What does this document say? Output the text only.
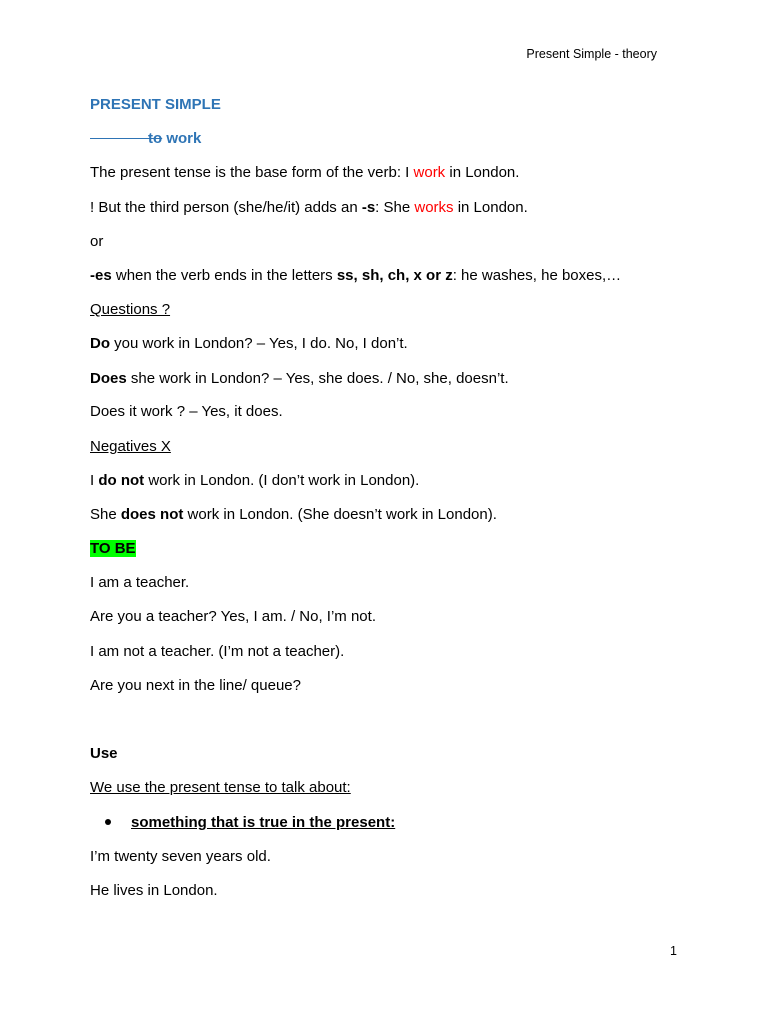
Present Simple - theory
PRESENT SIMPLE
to work
The present tense is the base form of the verb: I work in London.
! But the third person (she/he/it) adds an -s: She works in London.
or
-es when the verb ends in the letters ss, sh, ch, x or z: he washes, he boxes,…
Questions ?
Do you work in London? – Yes, I do. No, I don’t.
Does she work in London? – Yes, she does. / No, she, doesn’t.
Does it work ? – Yes, it does.
Negatives X
I do not work in London. (I don’t work in London).
She does not work in London. (She doesn’t work in London).
TO BE
I am a teacher.
Are you a teacher? Yes, I am. / No, I’m not.
I am not a teacher. (I’m not a teacher).
Are you next in the line/ queue?
Use
We use the present tense to talk about:
something that is true in the present:
I’m twenty seven years old.
He lives in London.
1
